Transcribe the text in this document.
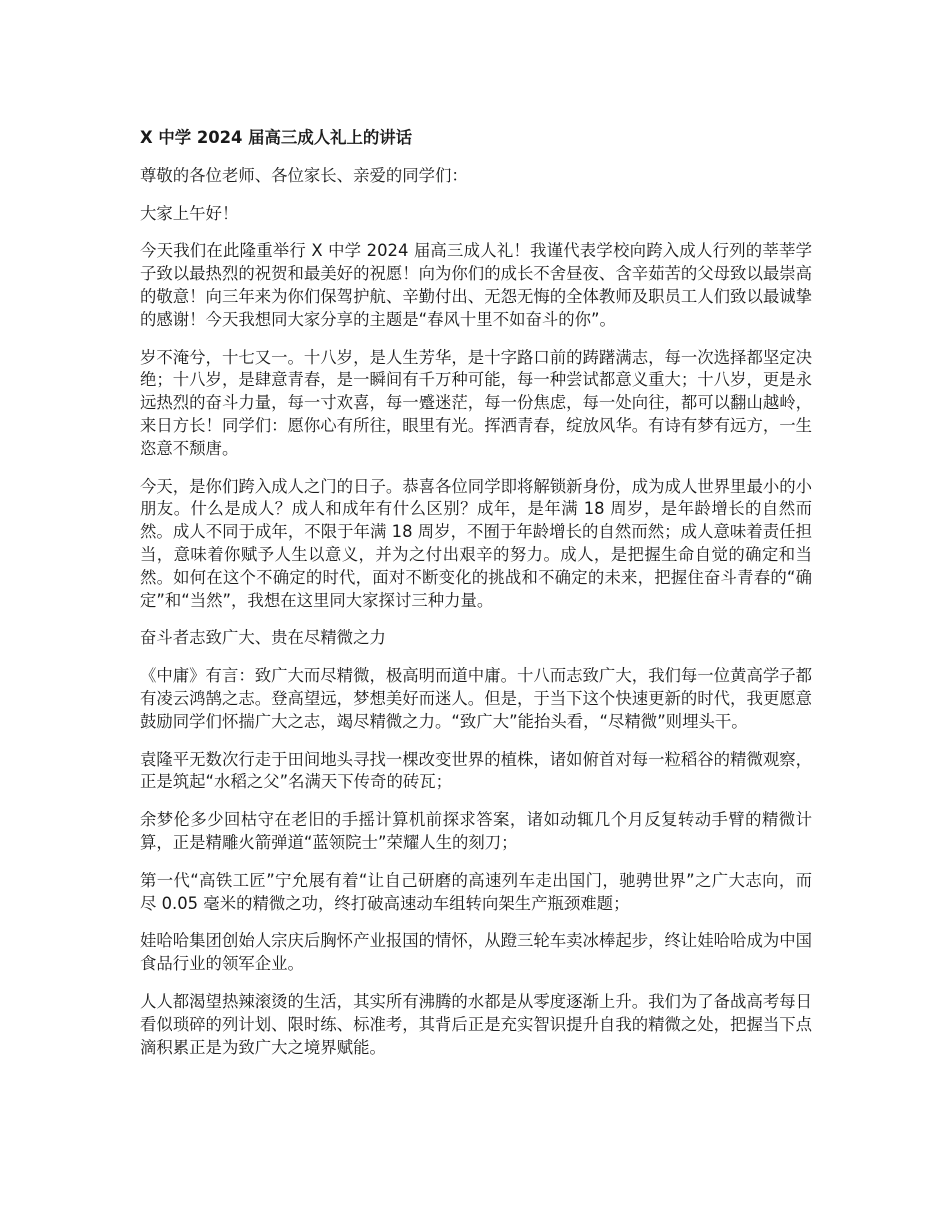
X 中学 2024 届高三成人礼上的讲话

尊敬的各位老师、各位家长、亲爱的同学们：

大家上午好！

今天我们在此隆重举行 X 中学 2024 届高三成人礼！我谨代表学校向跨入成人行列的莘莘学子致以最热烈的祝贺和最美好的祝愿！向为你们的成长不舍昼夜、含辛茹苦的父母致以最崇高的敬意！向三年来为你们保驾护航、辛勤付出、无怨无悔的全体教师及职员工人们致以最诚挚的感谢！今天我想同大家分享的主题是“春风十里不如奋斗的你”。

岁不淹兮，十七又一。十八岁，是人生芳华，是十字路口前的踌躇满志，每一次选择都坚定决绝；十八岁，是肆意青春，是一瞬间有千万种可能，每一种尝试都意义重大；十八岁，更是永远热烈的奋斗力量，每一寸欢喜，每一蹙迷茫，每一份焦虑，每一处向往，都可以翻山越岭，来日方长！同学们：愿你心有所往，眼里有光。挥洒青春，绽放风华。有诗有梦有远方，一生恣意不颓唐。

今天，是你们跨入成人之门的日子。恭喜各位同学即将解锁新身份，成为成人世界里最小的小朋友。什么是成人？成人和成年有什么区别？成年，是年满 18 周岁，是年龄增长的自然而然。成人不同于成年，不限于年满 18 周岁，不囿于年龄增长的自然而然；成人意味着责任担当，意味着你赋予人生以意义，并为之付出艰辛的努力。成人，是把握生命自觉的确定和当然。如何在这个不确定的时代，面对不断变化的挑战和不确定的未来，把握住奋斗青春的“确定”和“当然”，我想在这里同大家探讨三种力量。

奋斗者志致广大、贵在尽精微之力

《中庸》有言：致广大而尽精微，极高明而道中庸。十八而志致广大，我们每一位黄高学子都有凌云鸿鹄之志。登高望远，梦想美好而迷人。但是，于当下这个快速更新的时代，我更愿意鼓励同学们怀揣广大之志，竭尽精微之力。“致广大”能抬头看，“尽精微”则埋头干。

袁隆平无数次行走于田间地头寻找一棵改变世界的植株，诸如俯首对每一粒稻谷的精微观察，正是筑起“水稻之父”名满天下传奇的砖瓦；

余梦伦多少回枯守在老旧的手摇计算机前探求答案，诸如动辄几个月反复转动手臂的精微计算，正是精雕火箭弹道“蓝领院士”荣耀人生的刻刀；

第一代“高铁工匠”宁允展有着“让自己研磨的高速列车走出国门，驰骋世界”之广大志向，而尽 0.05 毫米的精微之功，终打破高速动车组转向架生产瓶颈难题；

娃哈哈集团创始人宗庆后胸怀产业报国的情怀，从蹬三轮车卖冰棒起步，终让娃哈哈成为中国食品行业的领军企业。

人人都渴望热辣滚烫的生活，其实所有沸腾的水都是从零度逐渐上升。我们为了备战高考每日看似琐碎的列计划、限时练、标准考，其背后正是充实智识提升自我的精微之处，把握当下点滴积累正是为致广大之境界赋能。
